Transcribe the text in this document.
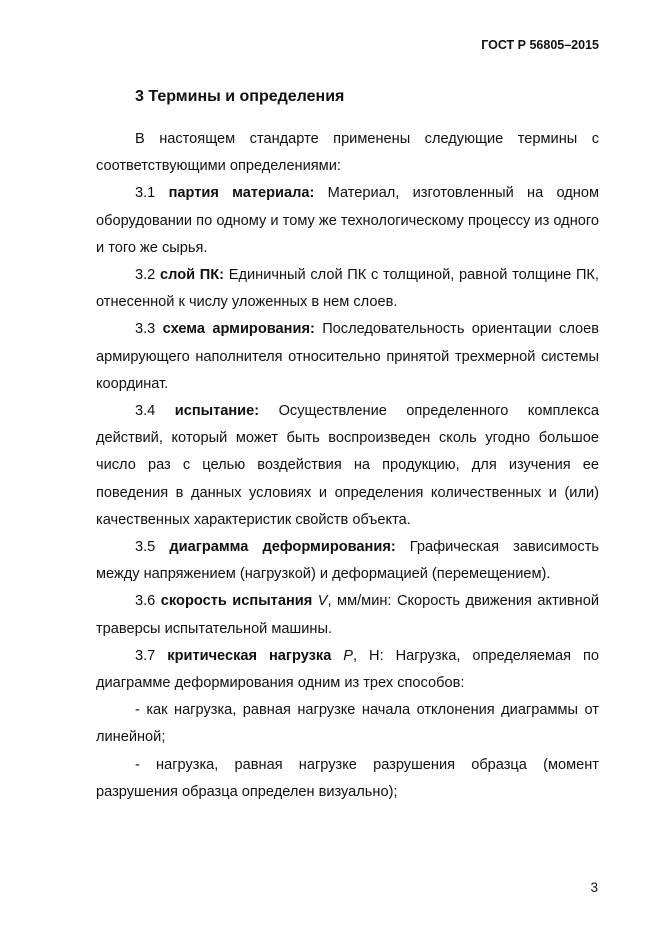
ГОСТ Р 56805–2015
3 Термины и определения

В настоящем стандарте применены следующие термины с соответствующими определениями:

3.1 партия материала: Материал, изготовленный на одном оборудовании по одному и тому же технологическому процессу из одного и того же сырья.

3.2 слой ПК: Единичный слой ПК с толщиной, равной толщине ПК, отнесенной к числу уложенных в нем слоев.

3.3 схема армирования: Последовательность ориентации слоев армирующего наполнителя относительно принятой трехмерной системы координат.

3.4 испытание: Осуществление определенного комплекса действий, который может быть воспроизведен сколь угодно большое число раз с целью воздействия на продукцию, для изучения ее поведения в данных условиях и определения количественных и (или) качественных характеристик свойств объекта.

3.5 диаграмма деформирования: Графическая зависимость между напряжением (нагрузкой) и деформацией (перемещением).

3.6 скорость испытания V, мм/мин: Скорость движения активной траверсы испытательной машины.

3.7 критическая нагрузка P, Н: Нагрузка, определяемая по диаграмме деформирования одним из трех способов:

- как нагрузка, равная нагрузке начала отклонения диаграммы от линейной;

- нагрузка, равная нагрузке разрушения образца (момент разрушения образца определен визуально);

3
